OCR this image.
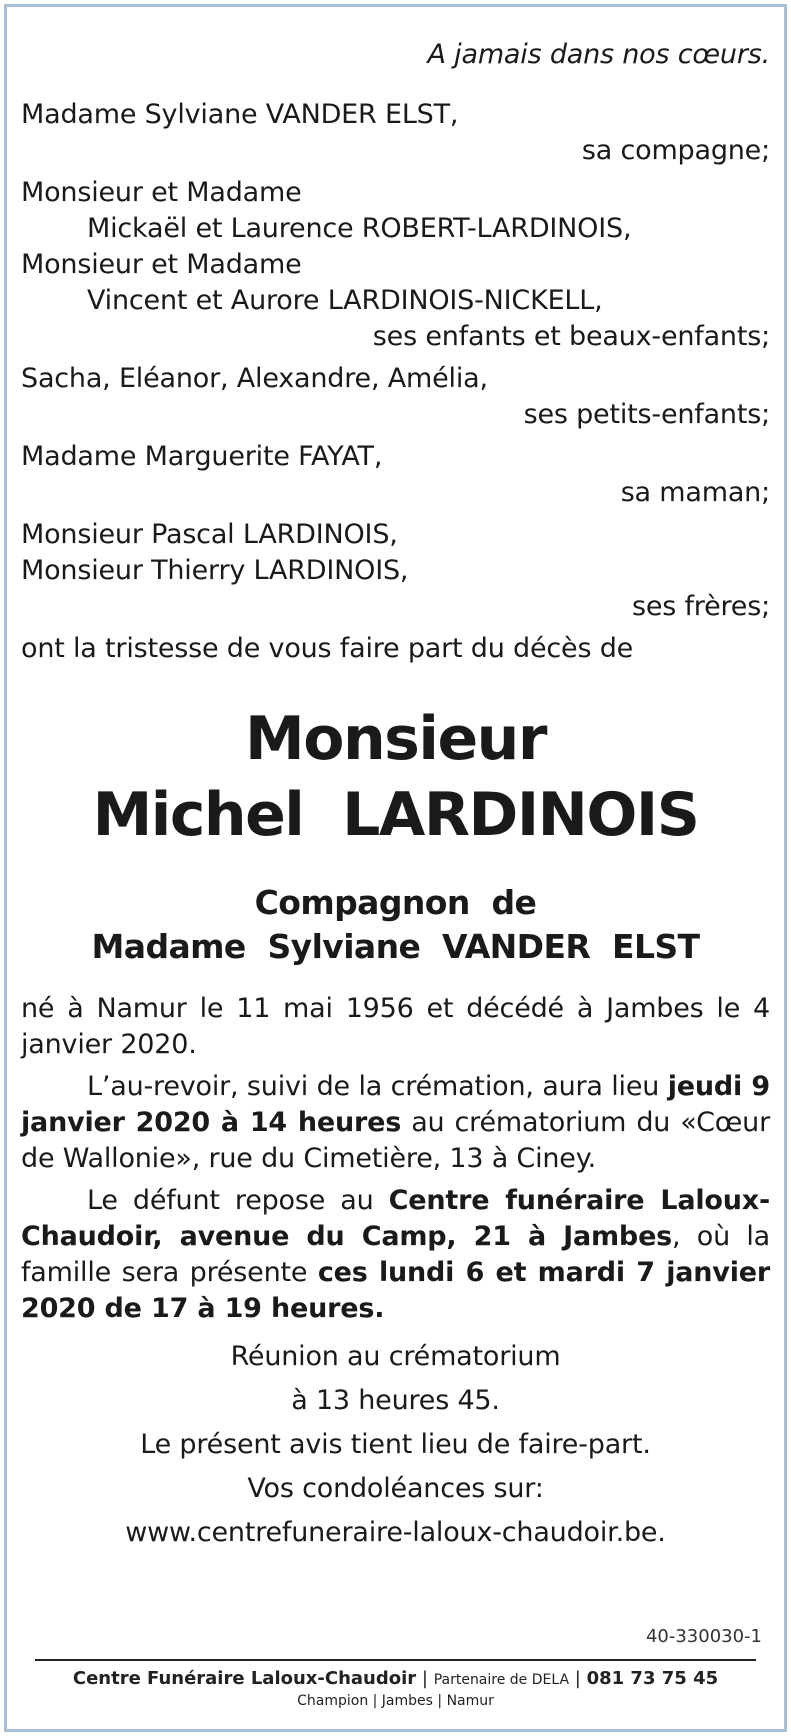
A jamais dans nos cœurs.
Madame Sylviane VANDER ELST,
sa compagne;
Monsieur et Madame
Mickaël et Laurence ROBERT-LARDINOIS,
Monsieur et Madame
Vincent et Aurore LARDINOIS-NICKELL,
ses enfants et beaux-enfants;
Sacha, Eléanor, Alexandre, Amélia,
ses petits-enfants;
Madame Marguerite FAYAT,
sa maman;
Monsieur Pascal LARDINOIS,
Monsieur Thierry LARDINOIS,
ses frères;
ont la tristesse de vous faire part du décès de
Monsieur
Michel  LARDINOIS
Compagnon  de
Madame  Sylviane  VANDER  ELST
né à Namur le 11 mai 1956 et décédé à Jambes le 4 janvier 2020.
L’au-revoir, suivi de la crémation, aura lieu jeudi 9 janvier 2020 à 14 heures au crématorium du «Cœur de Wallonie», rue du Cimetière, 13 à Ciney.
Le défunt repose au Centre funéraire Laloux-Chaudoir, avenue du Camp, 21 à Jambes, où la famille sera présente ces lundi 6 et mardi 7 janvier 2020 de 17 à 19 heures.
Réunion au crématorium
à 13 heures 45.
Le présent avis tient lieu de faire-part.
Vos condoléances sur:
www.centrefuneraire-laloux-chaudoir.be.
40-330030-1
Centre Funéraire Laloux-Chaudoir | Partenaire de DELA | 081 73 75 45
Champion | Jambes | Namur
